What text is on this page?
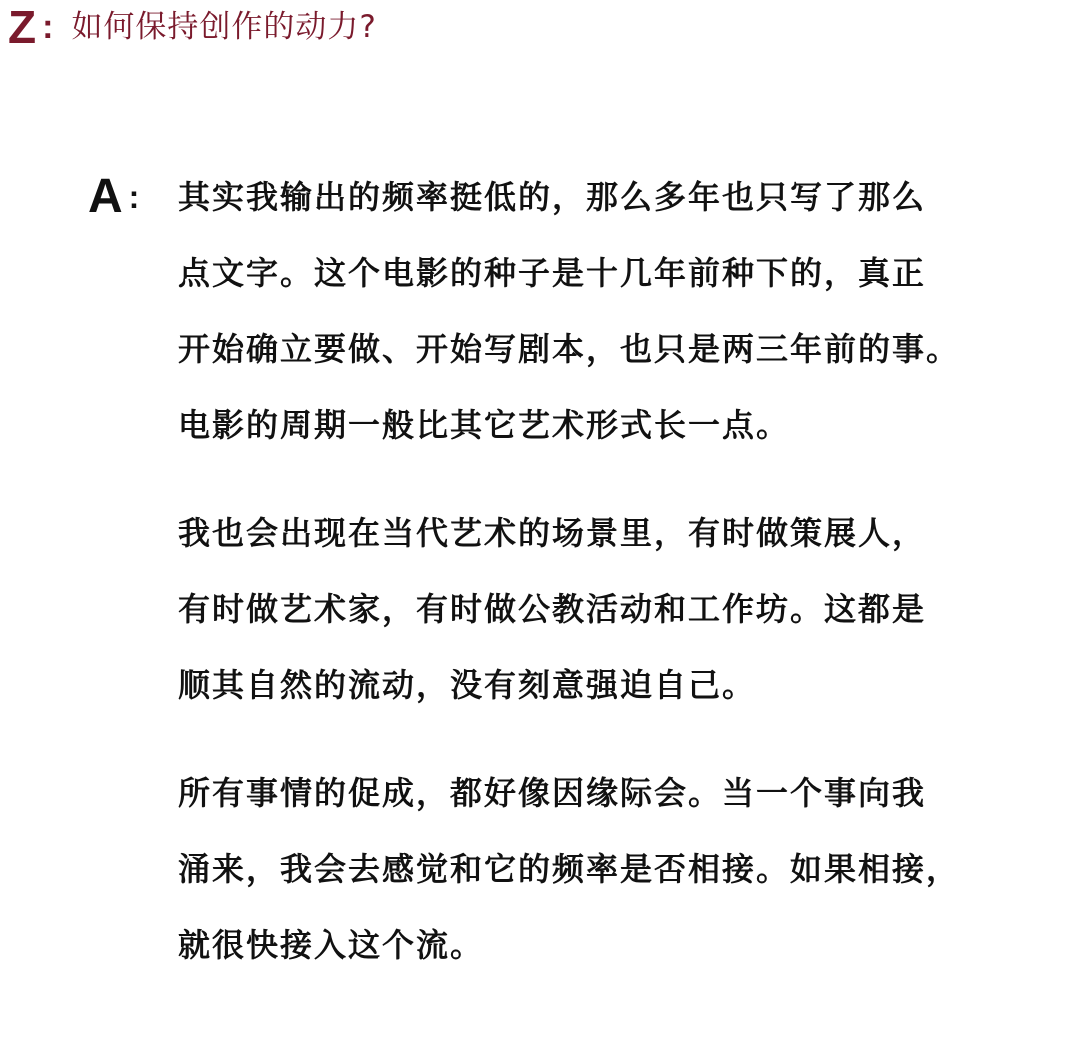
Z : 如何保持创作的动力?
A : 其实我输出的频率挺低的，那么多年也只写了那么
点文字。这个电影的种子是十几年前种下的，真正
开始确立要做、开始写剧本，也只是两三年前的事。
电影的周期一般比其它艺术形式长一点。

我也会出现在当代艺术的场景里，有时做策展人，
有时做艺术家，有时做公教活动和工作坊。这都是
顺其自然的流动，没有刻意强迫自己。

所有事情的促成，都好像因缘际会。当一个事向我
涌来，我会去感觉和它的频率是否相接。如果相接，
就很快接入这个流。
